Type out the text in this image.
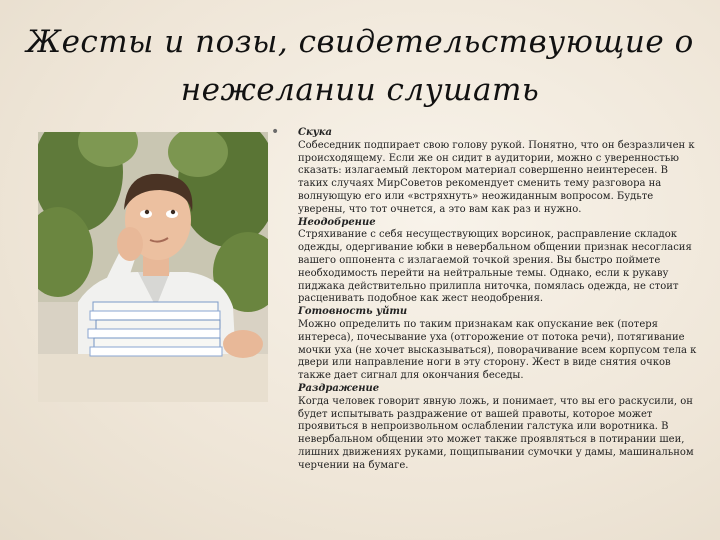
Жесты и позы, свидетельствующие о
нежелании слушать
• Скука

Собеседник подпирает свою голову рукой. Понятно, что он безразличен к происходящему. Если же он сидит в аудитории, можно с уверенностью сказать: излагаемый лектором материал совершенно неинтересен. В таких случаях МирСоветов рекомендует сменить тему разговора на волнующую его или «встряхнуть» неожиданным вопросом. Будьте уверены, что тот очнется, а это вам как раз и нужно.

Неодобрение

Стряхивание с себя несуществующих ворсинок, расправление складок одежды, одергивание юбки в невербальном общении признак несогласия вашего оппонента с излагаемой точкой зрения. Вы быстро поймете необходимость перейти на нейтральные темы. Однако, если к рукаву пиджака действительно прилипла ниточка, помялась одежда, не стоит расценивать подобное как жест неодобрения.

Готовность уйти

Можно определить по таким признакам как опускание век (потеря интереса), почесывание уха (отгорожение от потока речи), потягивание мочки уха (не хочет высказываться), поворачивание всем корпусом тела к двери или направление ноги в эту сторону. Жест в виде снятия очков также дает сигнал для окончания беседы.

Раздражение

Когда человек говорит явную ложь, и понимает, что вы его раскусили, он будет испытывать раздражение от вашей правоты, которое может проявиться в непроизвольном ослаблении галстука или воротника. В невербальном общении это может также проявляться в потирании шеи, лишних движениях руками, пощипывании сумочки у дамы, машинальном черчении на бумаге.
